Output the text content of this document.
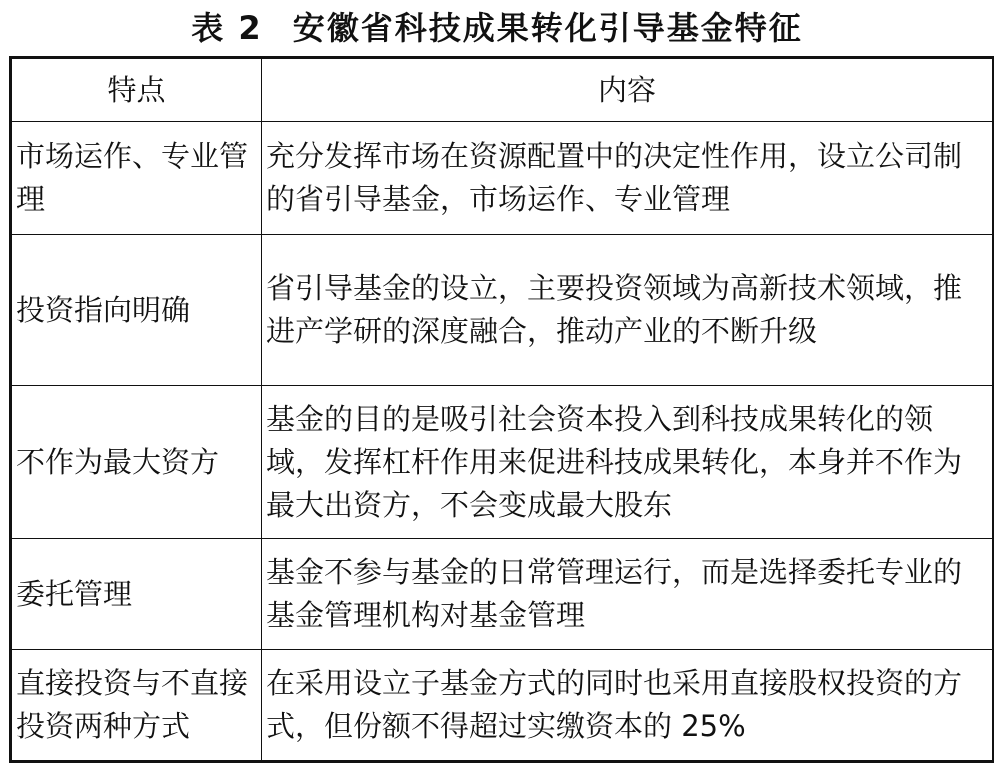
表 2 安徽省科技成果转化引导基金特征
特点	内容
市场运作、专业管理	充分发挥市场在资源配置中的决定性作用，设立公司制的省引导基金，市场运作、专业管理
投资指向明确	省引导基金的设立，主要投资领域为高新技术领域，推进产学研的深度融合，推动产业的不断升级
不作为最大资方	基金的目的是吸引社会资本投入到科技成果转化的领域，发挥杠杆作用来促进科技成果转化，本身并不作为最大出资方，不会变成最大股东
委托管理	基金不参与基金的日常管理运行，而是选择委托专业的基金管理机构对基金管理
直接投资与不直接投资两种方式	在采用设立子基金方式的同时也采用直接股权投资的方式，但份额不得超过实缴资本的 25%
